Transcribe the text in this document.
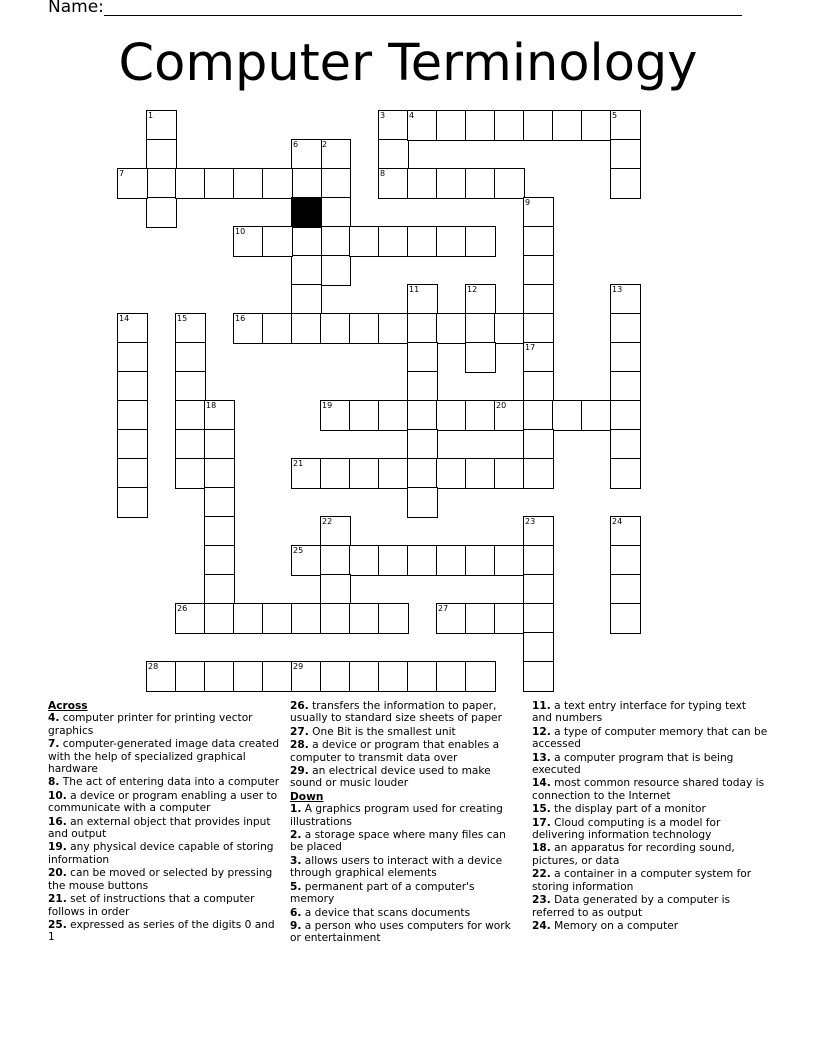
Name:
Computer Terminology
1
2
3	4	5
6
7	8
9
10
11	12	13
14	15	16
17
18	19	20
21
22	23	24
25
26	27
28	29
Across
4. computer printer for printing vector graphics
7. computer-generated image data created with the help of specialized graphical hardware
8. The act of entering data into a computer
10. a device or program enabling a user to communicate with a computer
16. an external object that provides input and output
19. any physical device capable of storing information
20. can be moved or selected by pressing the mouse buttons
21. set of instructions that a computer follows in order
25. expressed as series of the digits 0 and 1
26. transfers the information to paper, usually to standard size sheets of paper
27. One Bit is the smallest unit
28. a device or program that enables a computer to transmit data over
29. an electrical device used to make sound or music louder
Down
1. A graphics program used for creating illustrations
2. a storage space where many files can be placed
3. allows users to interact with a device through graphical elements
5. permanent part of a computer's memory
6. a device that scans documents
9. a person who uses computers for work or entertainment
11. a text entry interface for typing text and numbers
12. a type of computer memory that can be accessed
13. a computer program that is being executed
14. most common resource shared today is connection to the Internet
15. the display part of a monitor
17. Cloud computing is a model for delivering information technology
18. an apparatus for recording sound, pictures, or data
22. a container in a computer system for storing information
23. Data generated by a computer is referred to as output
24. Memory on a computer
